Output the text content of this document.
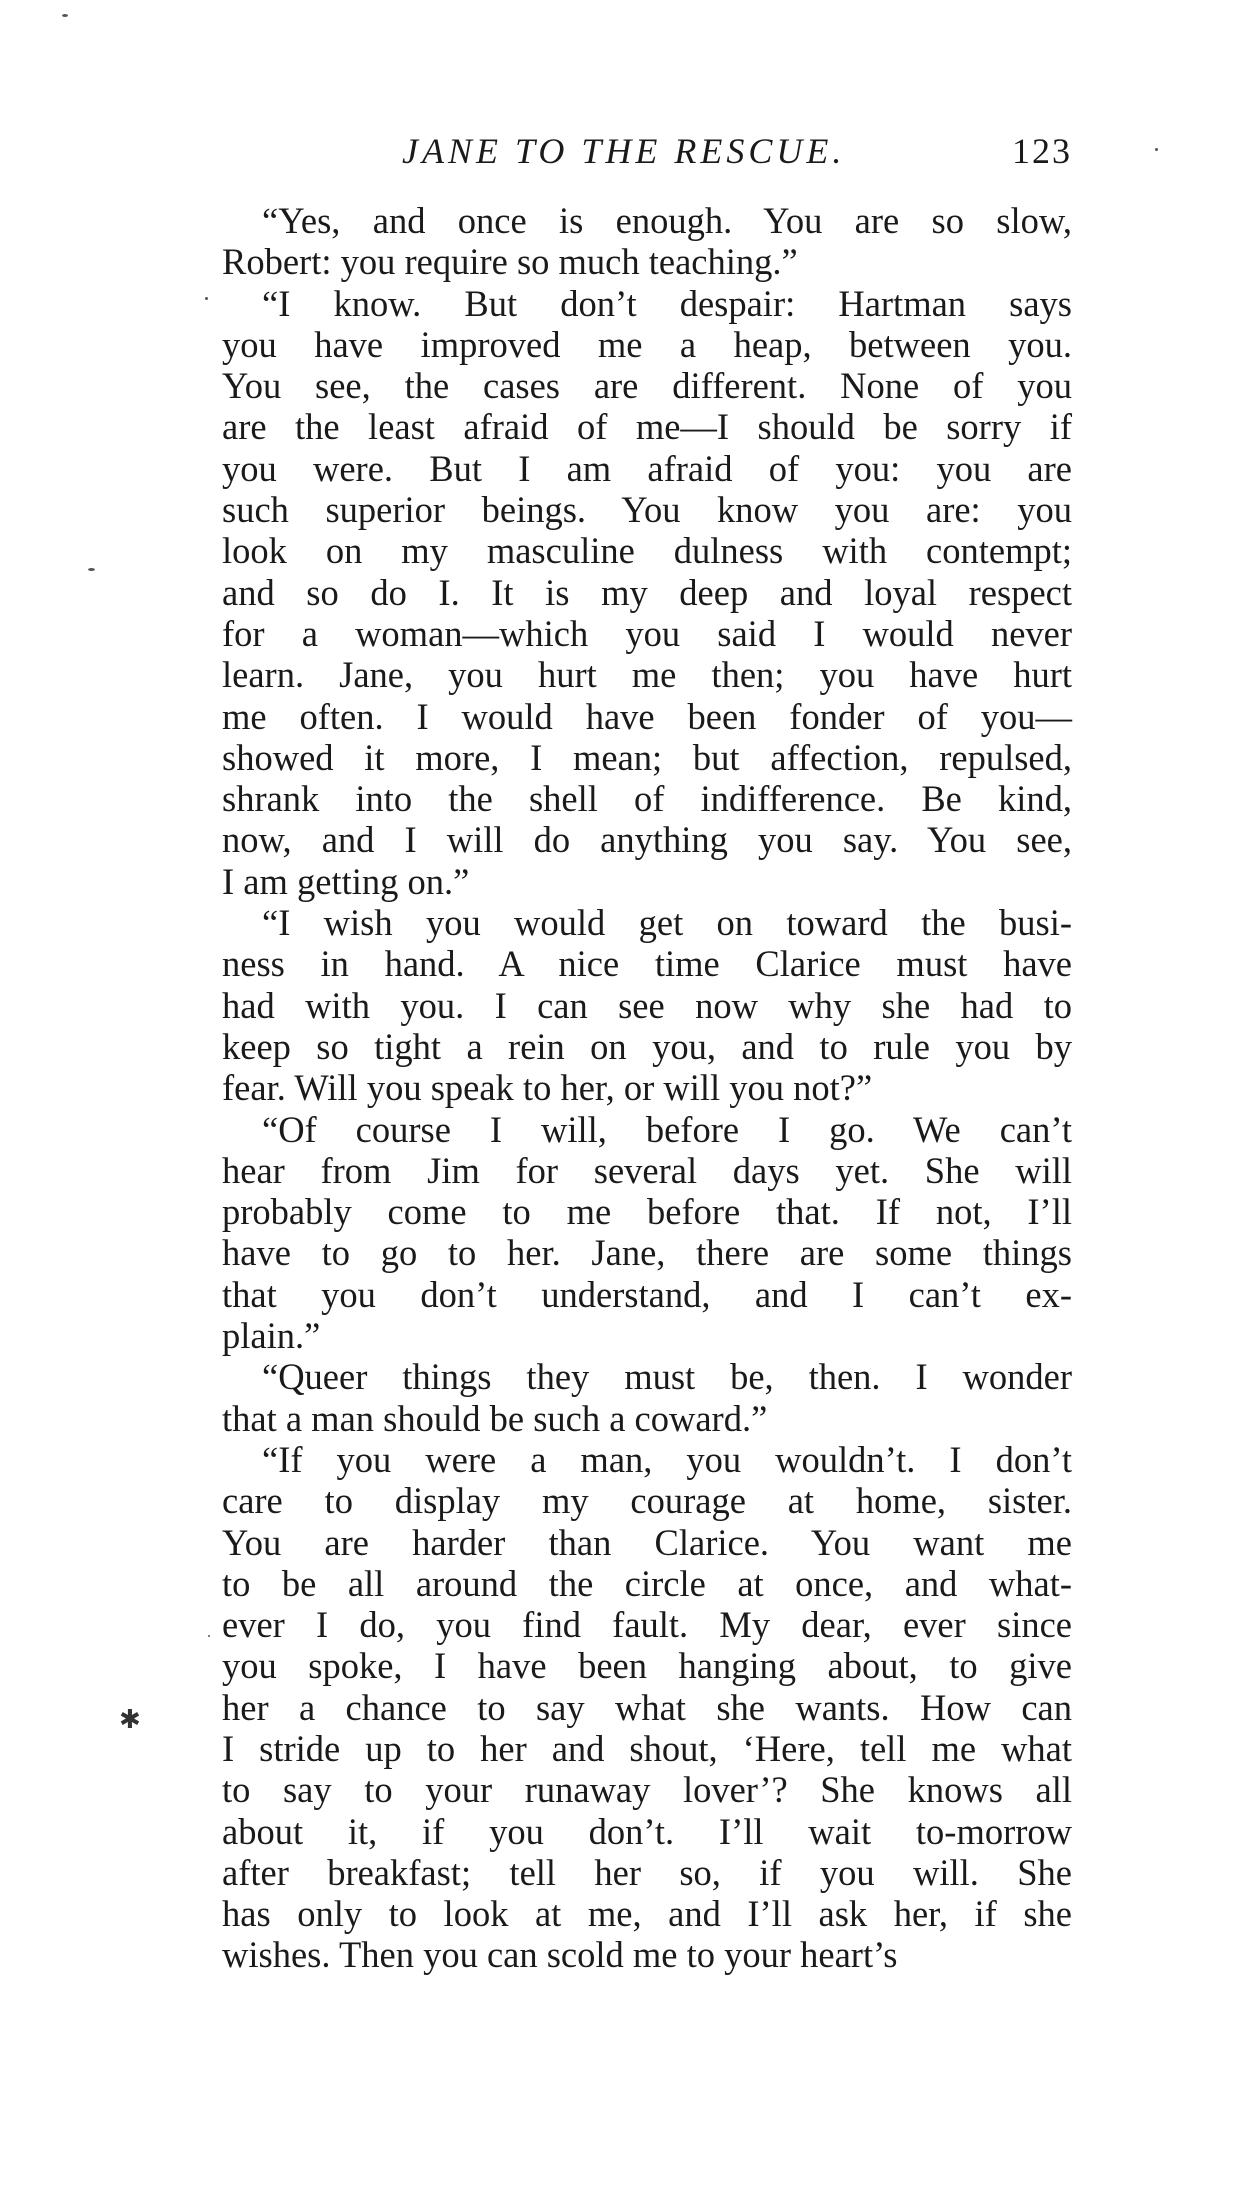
JANE TO THE RESCUE.	123
“Yes, and once is enough. You are so slow,
Robert: you require so much teaching.”
“I know. But don’t despair: Hartman says
you have improved me a heap, between you.
You see, the cases are different. None of you
are the least afraid of me—I should be sorry if
you were. But I am afraid of you: you are
such superior beings. You know you are: you
look on my masculine dulness with contempt;
and so do I. It is my deep and loyal respect
for a woman—which you said I would never
learn. Jane, you hurt me then; you have hurt
me often. I would have been fonder of you—
showed it more, I mean; but affection, repulsed,
shrank into the shell of indifference. Be kind,
now, and I will do anything you say. You see,
I am getting on.”
“I wish you would get on toward the busi-
ness in hand. A nice time Clarice must have
had with you. I can see now why she had to
keep so tight a rein on you, and to rule you by
fear. Will you speak to her, or will you not?”
“Of course I will, before I go. We can’t
hear from Jim for several days yet. She will
probably come to me before that. If not, I’ll
have to go to her. Jane, there are some things
that you don’t understand, and I can’t ex-
plain.”
“Queer things they must be, then. I wonder
that a man should be such a coward.”
“If you were a man, you wouldn’t. I don’t
care to display my courage at home, sister.
You are harder than Clarice. You want me
to be all around the circle at once, and what-
ever I do, you find fault. My dear, ever since
you spoke, I have been hanging about, to give
her a chance to say what she wants. How can
I stride up to her and shout, ‘Here, tell me what
to say to your runaway lover’? She knows all
about it, if you don’t. I’ll wait to-morrow
after breakfast; tell her so, if you will. She
has only to look at me, and I’ll ask her, if she
wishes. Then you can scold me to your heart’s
✱
